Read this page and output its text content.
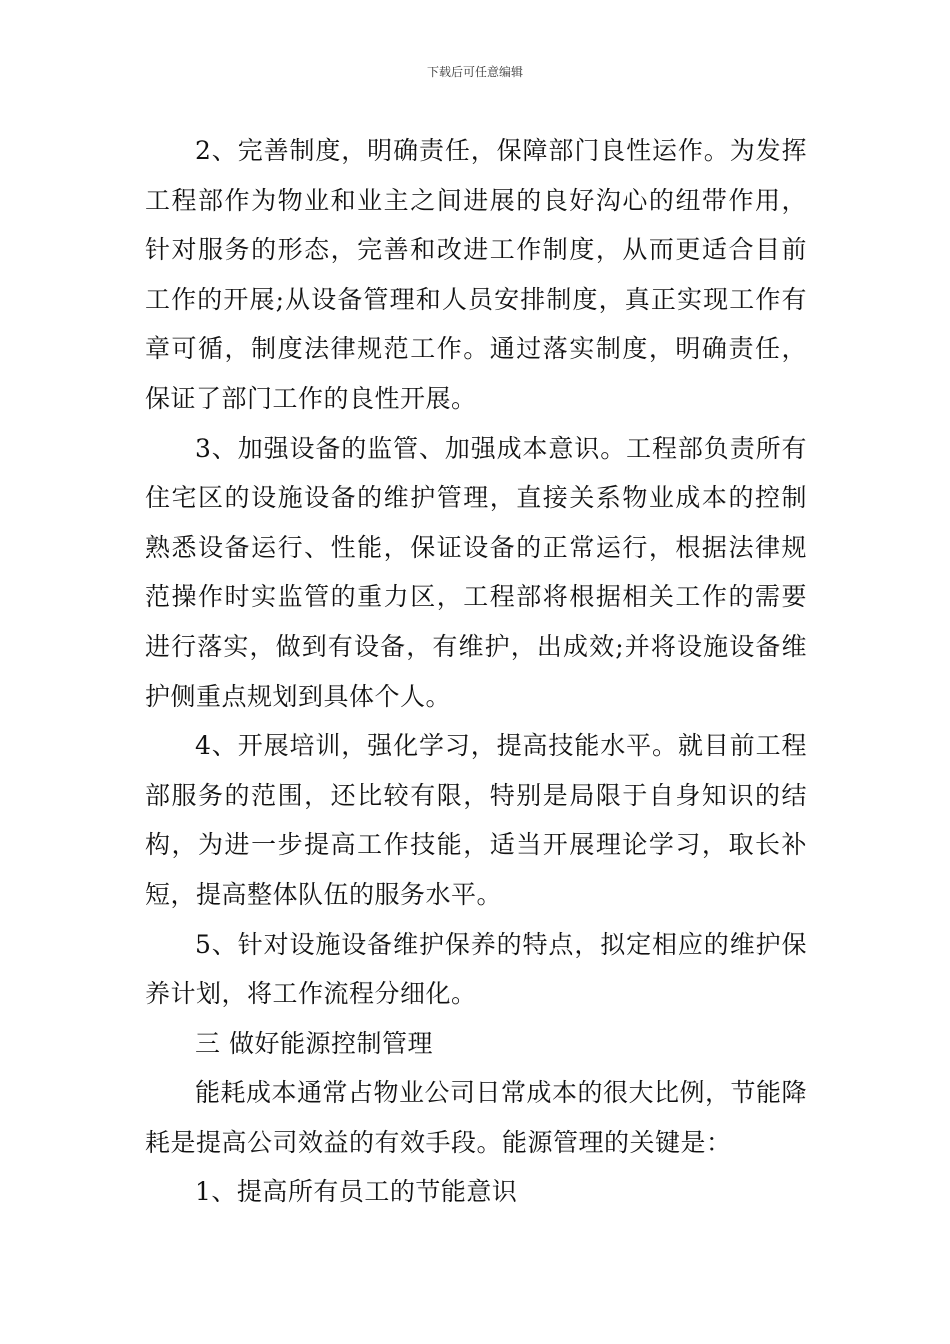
下载后可任意编辑

2、完善制度，明确责任，保障部门良性运作。为发挥工程部作为物业和业主之间进展的良好沟心的纽带作用，针对服务的形态，完善和改进工作制度，从而更适合目前工作的开展;从设备管理和人员安排制度，真正实现工作有章可循，制度法律规范工作。通过落实制度，明确责任，保证了部门工作的良性开展。

3、加强设备的监管、加强成本意识。工程部负责所有住宅区的设施设备的维护管理，直接关系物业成本的控制熟悉设备运行、性能，保证设备的正常运行，根据法律规范操作时实监管的重力区，工程部将根据相关工作的需要进行落实，做到有设备，有维护，出成效;并将设施设备维护侧重点规划到具体个人。

4、开展培训，强化学习，提高技能水平。就目前工程部服务的范围，还比较有限，特别是局限于自身知识的结构，为进一步提高工作技能，适当开展理论学习，取长补短，提高整体队伍的服务水平。

5、针对设施设备维护保养的特点，拟定相应的维护保养计划，将工作流程分细化。

三 做好能源控制管理

能耗成本通常占物业公司日常成本的很大比例，节能降耗是提高公司效益的有效手段。能源管理的关键是：

1、提高所有员工的节能意识
